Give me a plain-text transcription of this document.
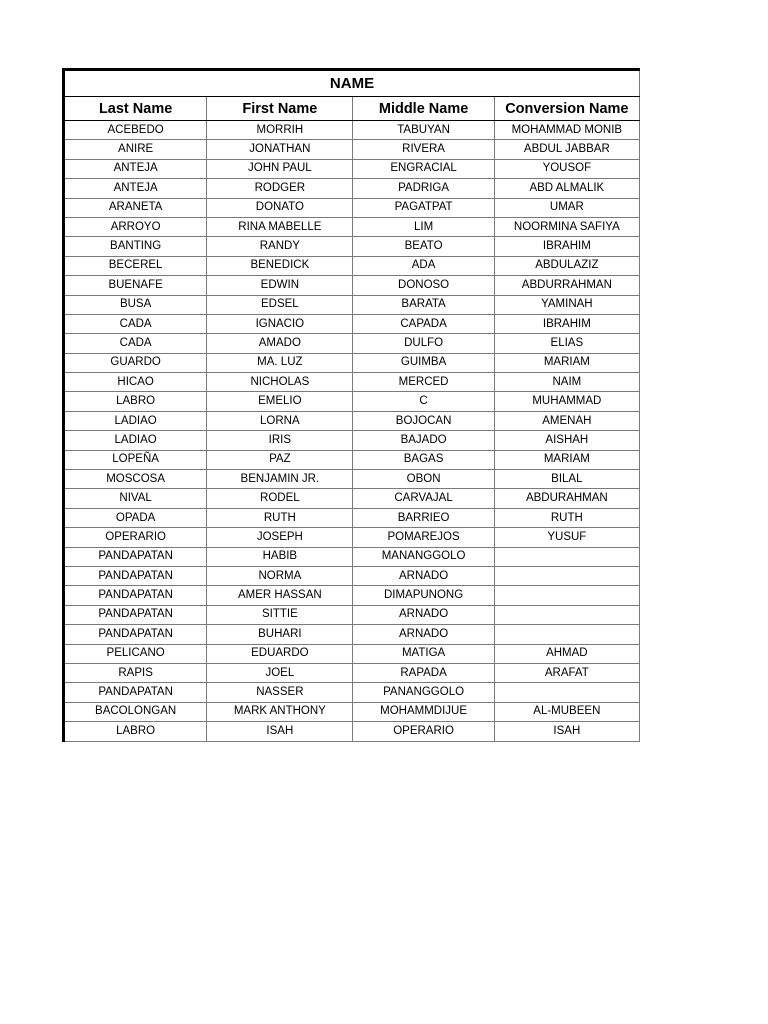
NAME			
Last Name	First Name	Middle Name	Conversion Name
ACEBEDO	MORRIH	TABUYAN	MOHAMMAD MONIB
ANIRE	JONATHAN	RIVERA	ABDUL JABBAR
ANTEJA	JOHN PAUL	ENGRACIAL	YOUSOF
ANTEJA	RODGER	PADRIGA	ABD ALMALIK
ARANETA	DONATO	PAGATPAT	UMAR
ARROYO	RINA MABELLE	LIM	NOORMINA SAFIYA
BANTING	RANDY	BEATO	IBRAHIM
BECEREL	BENEDICK	ADA	ABDULAZIZ
BUENAFE	EDWIN	DONOSO	ABDURRAHMAN
BUSA	EDSEL	BARATA	YAMINAH
CADA	IGNACIO	CAPADA	IBRAHIM
CADA	AMADO	DULFO	ELIAS
GUARDO	MA. LUZ	GUIMBA	MARIAM
HICAO	NICHOLAS	MERCED	NAIM
LABRO	EMELIO	C	MUHAMMAD
LADIAO	LORNA	BOJOCAN	AMENAH
LADIAO	IRIS	BAJADO	AISHAH
LOPEÑA	PAZ	BAGAS	MARIAM
MOSCOSA	BENJAMIN JR.	OBON	BILAL
NIVAL	RODEL	CARVAJAL	ABDURAHMAN
OPADA	RUTH	BARRIEO	RUTH
OPERARIO	JOSEPH	POMAREJOS	YUSUF
PANDAPATAN	HABIB	MANANGGOLO	
PANDAPATAN	NORMA	ARNADO	
PANDAPATAN	AMER HASSAN	DIMAPUNONG	
PANDAPATAN	SITTIE	ARNADO	
PANDAPATAN	BUHARI	ARNADO	
PELICANO	EDUARDO	MATIGA	AHMAD
RAPIS	JOEL	RAPADA	ARAFAT
PANDAPATAN	NASSER	PANANGGOLO	
BACOLONGAN	MARK ANTHONY	MOHAMMDIJUE	AL-MUBEEN
LABRO	ISAH	OPERARIO	ISAH
